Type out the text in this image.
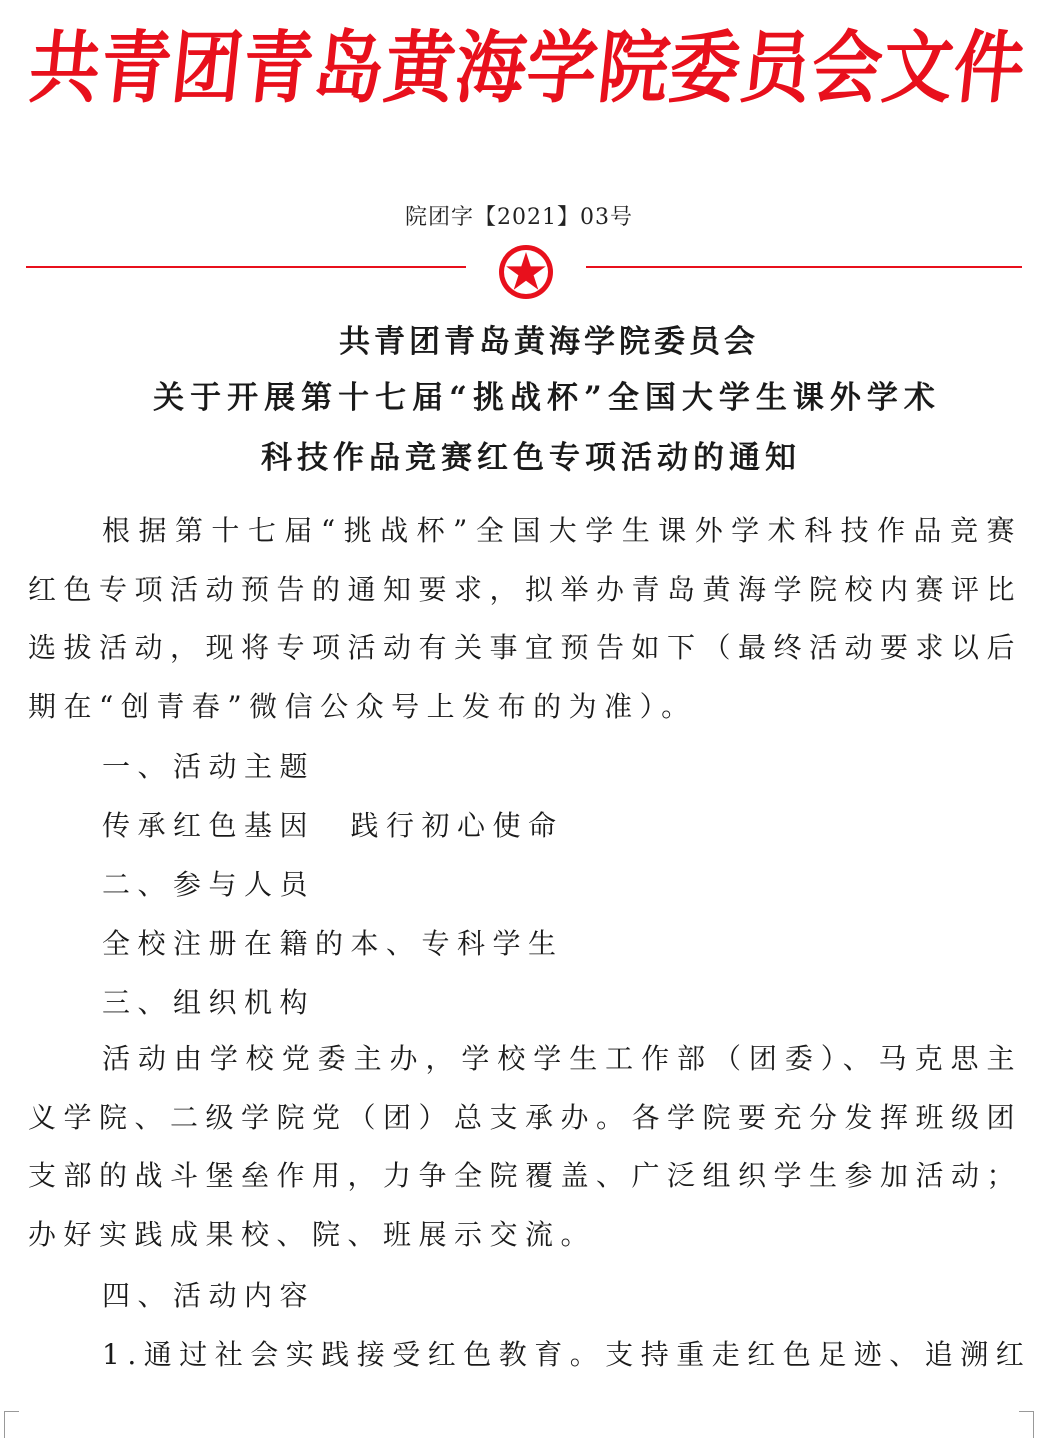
共
青
团
青
岛
黄
海
学
院
委
员
会
文
件
院团字【2021】03号
共青团青岛黄海学院委员会
关于开展第十七届“挑战杯”全国大学生课外学术
科技作品竞赛红色专项活动的通知
根据第十七届“挑战杯”全国大学生课外学术科技作品竞赛红色专项活动预告的通知要求，拟举办青岛黄海学院校内赛评比选拔活动，现将专项活动有关事宜预告如下（最终活动要求以后期在“创青春”微信公众号上发布的为准）。
一、活动主题
传承红色基因　践行初心使命
二、参与人员
全校注册在籍的本、专科学生
三、组织机构
活动由学校党委主办，学校学生工作部（团委）、马克思主义学院、二级学院党（团）总支承办。各学院要充分发挥班级团支部的战斗堡垒作用，力争全院覆盖、广泛组织学生参加活动；办好实践成果校、院、班展示交流。
四、活动内容
1.通过社会实践接受红色教育。支持重走红色足迹、追溯红
